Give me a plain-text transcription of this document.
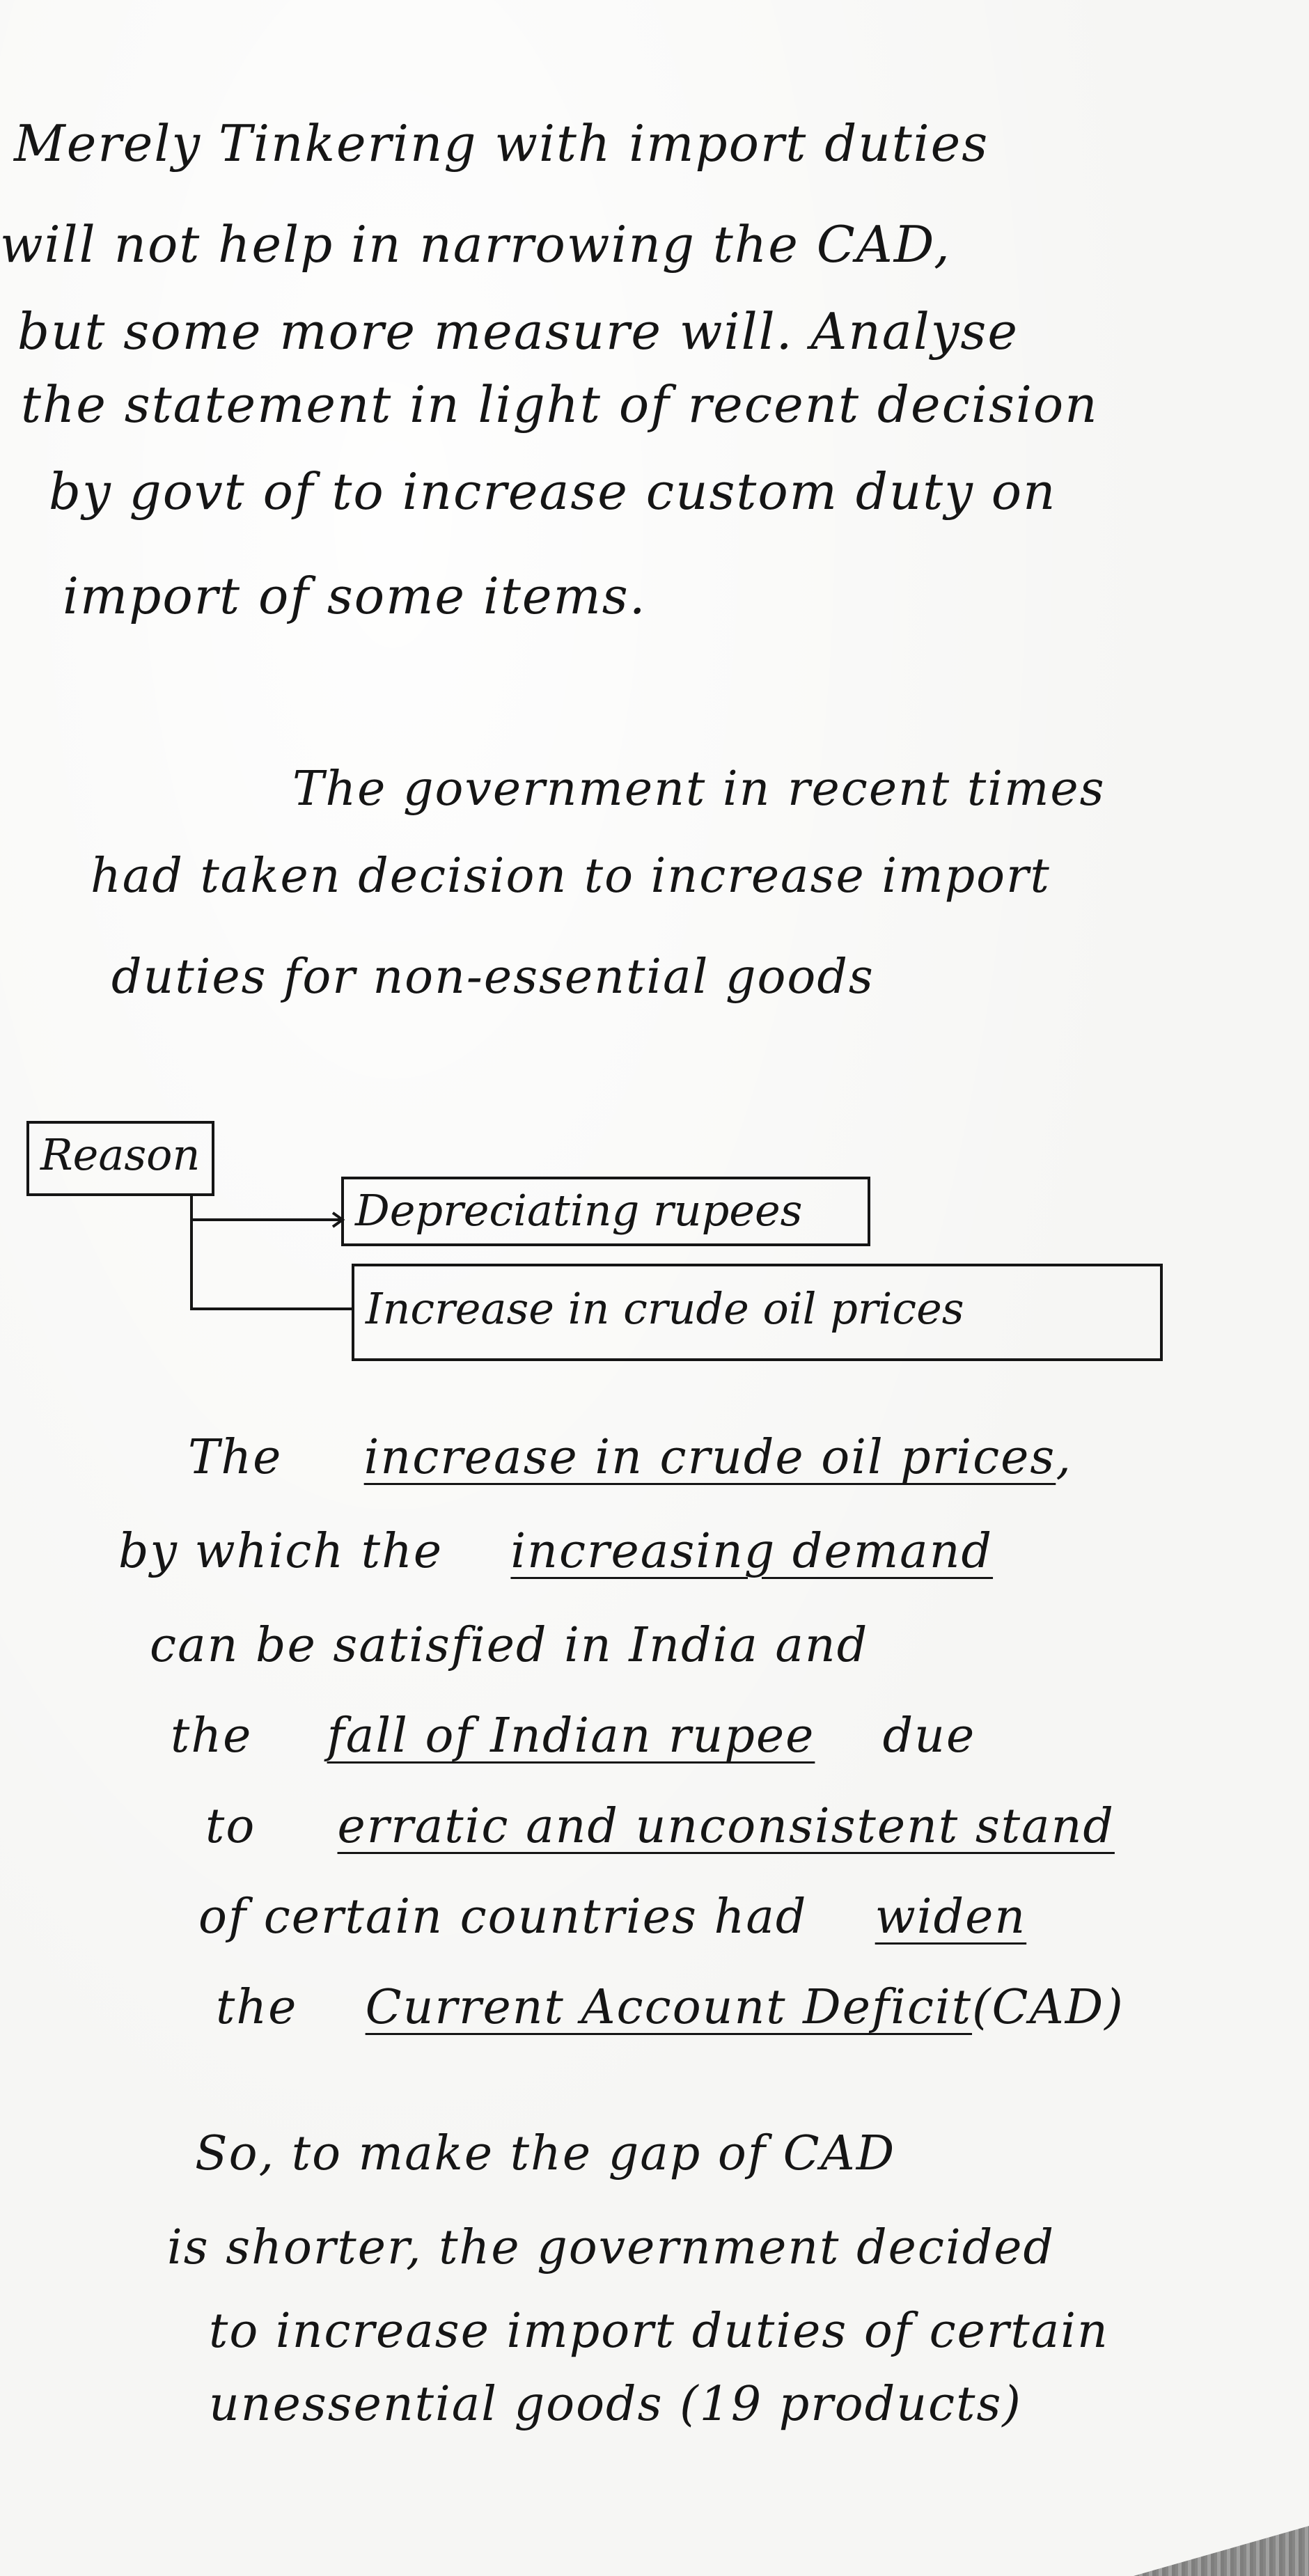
Merely Tinkering with import duties
will not help in narrowing the CAD,
but some more measure will. Analyse
the statement in light of recent decision
by govt of to increase custom duty on
import of some items.
The government in recent times
had taken decision to increase import
duties for non-essential goods
Reason
Depreciating rupees
Increase in crude oil prices
The increase in crude oil prices,
by which the increasing demand
can be satisfied in India and
the fall of Indian rupee due
to erratic and unconsistent stand
of certain countries had widen
the Current Account Deficit(CAD)
So, to make the gap of CAD
is shorter, the government decided
to increase import duties of certain
unessential goods (19 products)
